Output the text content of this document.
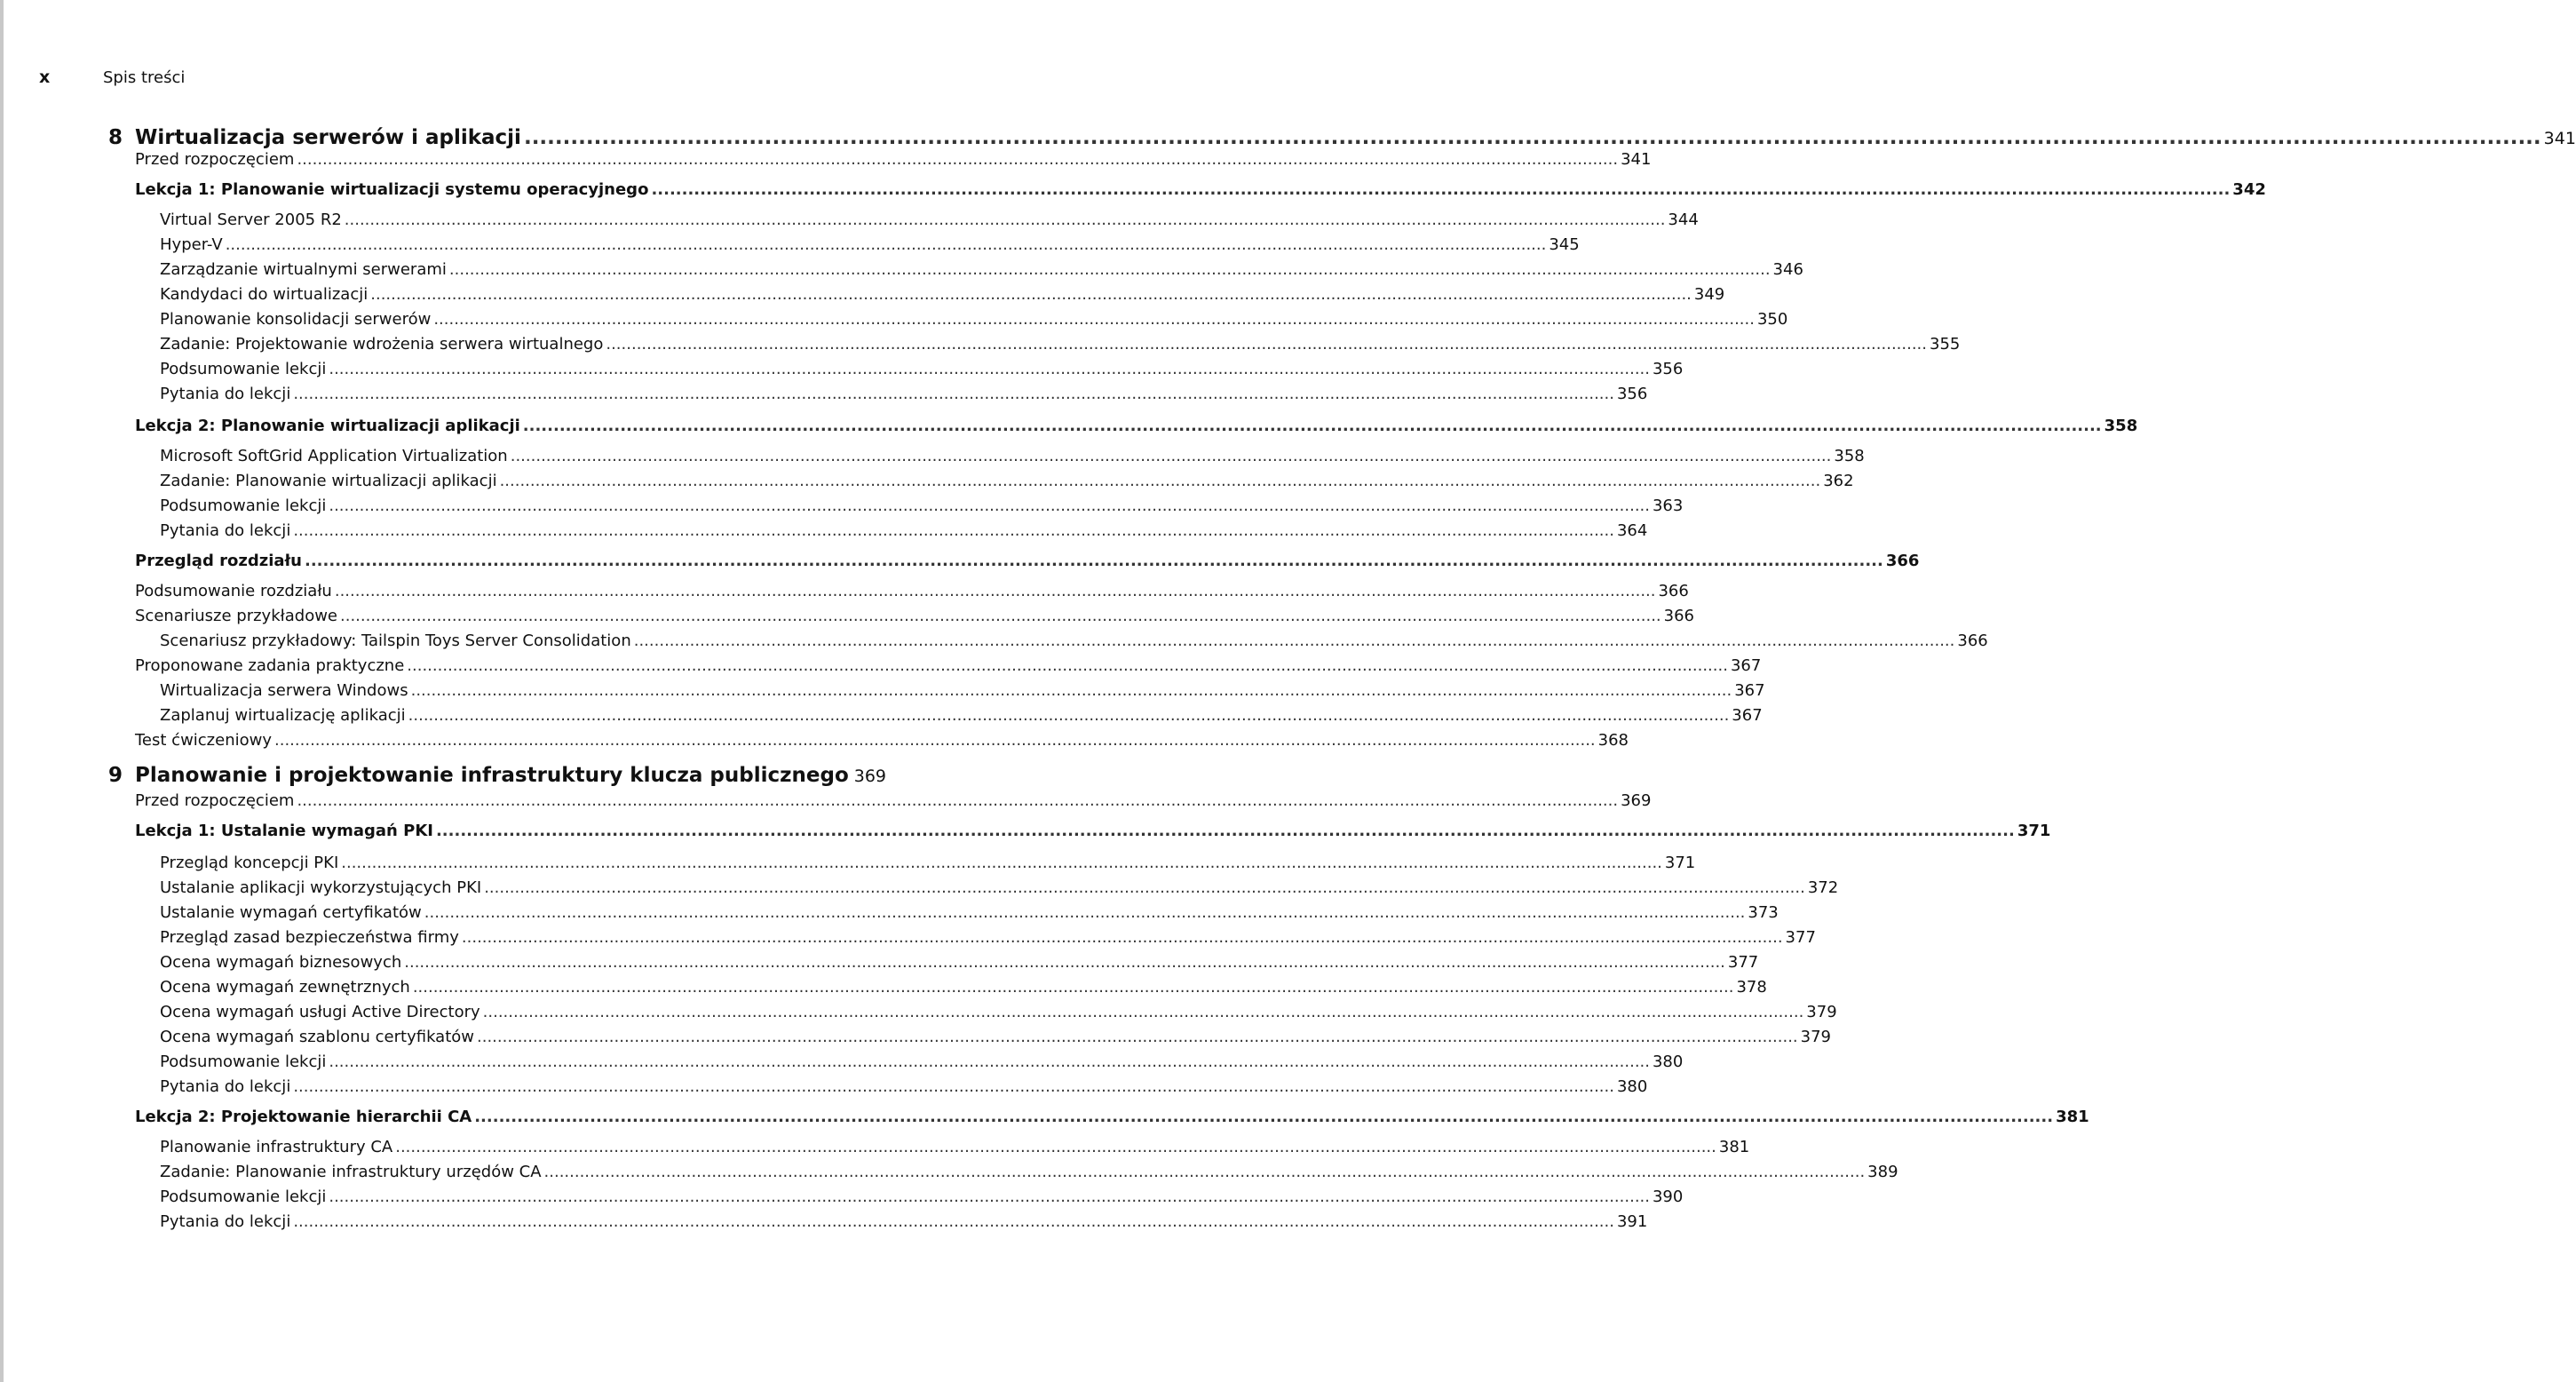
x	Spis treści
8 Wirtualizacja serwerów i aplikacji .....	341
Przed rozpoczęciem .....	341
Lekcja 1: Planowanie wirtualizacji systemu operacyjnego .....	342
Virtual Server 2005 R2 .....	344
Hyper-V .....	345
Zarządzanie wirtualnymi serwerami .....	346
Kandydaci do wirtualizacji .....	349
Planowanie konsolidacji serwerów .....	350
Zadanie: Projektowanie wdrożenia serwera wirtualnego .....	355
Podsumowanie lekcji .....	356
Pytania do lekcji .....	356
Lekcja 2: Planowanie wirtualizacji aplikacji .....	358
Microsoft SoftGrid Application Virtualization .....	358
Zadanie: Planowanie wirtualizacji aplikacji .....	362
Podsumowanie lekcji .....	363
Pytania do lekcji .....	364
Przegląd rozdziału .....	366
Podsumowanie rozdziału .....	366
Scenariusze przykładowe .....	366
Scenariusz przykładowy: Tailspin Toys Server Consolidation .....	366
Proponowane zadania praktyczne .....	367
Wirtualizacja serwera Windows .....	367
Zaplanuj wirtualizację aplikacji .....	367
Test ćwiczeniowy .....	368
9 Planowanie i projektowanie infrastruktury klucza publicznego 369
Przed rozpoczęciem .....	369
Lekcja 1: Ustalanie wymagań PKI .....	371
Przegląd koncepcji PKI .....	371
Ustalanie aplikacji wykorzystujących PKI .....	372
Ustalanie wymagań certyfikatów .....	373
Przegląd zasad bezpieczeństwa firmy .....	377
Ocena wymagań biznesowych .....	377
Ocena wymagań zewnętrznych .....	378
Ocena wymagań usługi Active Directory .....	379
Ocena wymagań szablonu certyfikatów .....	379
Podsumowanie lekcji .....	380
Pytania do lekcji .....	380
Lekcja 2: Projektowanie hierarchii CA .....	381
Planowanie infrastruktury CA .....	381
Zadanie: Planowanie infrastruktury urzędów CA .....	389
Podsumowanie lekcji .....	390
Pytania do lekcji .....	391
